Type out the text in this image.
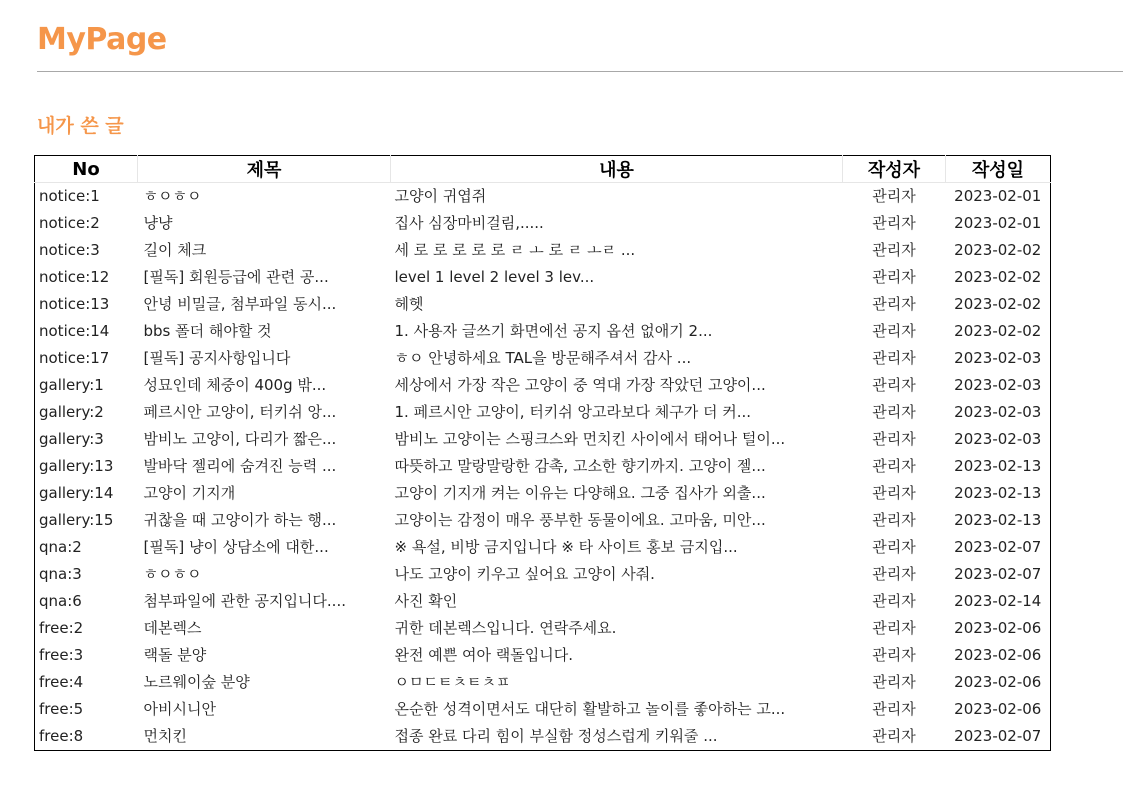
MyPage
내가 쓴 글
No	제목	내용	작성자	작성일
notice:1	ㅎㅇㅎㅇ	고양이 귀엽쥐	관리자	2023-02-01
notice:2	냥냥	집사 심장마비걸림,.....	관리자	2023-02-01
notice:3	길이 체크	세 로 로 로 로 로 ㄹ ㅗ 로 ㄹ ㅗㄹ ...	관리자	2023-02-02
notice:12	[필독] 회원등급에 관련 공...	level 1 level 2 level 3 lev...	관리자	2023-02-02
notice:13	안녕 비밀글, 첨부파일 동시...	헤헷	관리자	2023-02-02
notice:14	bbs 폴더 해야할 것	1. 사용자 글쓰기 화면에선 공지 옵션 없애기 2...	관리자	2023-02-02
notice:17	[필독] 공지사항입니다	ㅎㅇ 안녕하세요 TAL을 방문해주셔서 감사 ...	관리자	2023-02-03
gallery:1	성묘인데 체중이 400g 밖...	세상에서 가장 작은 고양이 중 역대 가장 작았던 고양이...	관리자	2023-02-03
gallery:2	페르시안 고양이, 터키쉬 앙...	1. 페르시안 고양이, 터키쉬 앙고라보다 체구가 더 커...	관리자	2023-02-03
gallery:3	밤비노 고양이, 다리가 짧은...	밤비노 고양이는 스핑크스와 먼치킨 사이에서 태어나 털이...	관리자	2023-02-03
gallery:13	발바닥 젤리에 숨겨진 능력 ...	따뜻하고 말랑말랑한 감촉, 고소한 향기까지. 고양이 젤...	관리자	2023-02-13
gallery:14	고양이 기지개	고양이 기지개 켜는 이유는 다양해요. 그중 집사가 외출...	관리자	2023-02-13
gallery:15	귀찮을 때 고양이가 하는 행...	고양이는 감정이 매우 풍부한 동물이에요. 고마움, 미안...	관리자	2023-02-13
qna:2	[필독] 냥이 상담소에 대한...	※ 욕설, 비방 금지입니다 ※ 타 사이트 홍보 금지입...	관리자	2023-02-07
qna:3	ㅎㅇㅎㅇ	나도 고양이 키우고 싶어요 고양이 사줘.	관리자	2023-02-07
qna:6	첨부파일에 관한 공지입니다....	사진 확인	관리자	2023-02-14
free:2	데본렉스	귀한 데본렉스입니다. 연락주세요.	관리자	2023-02-06
free:3	랙돌 분양	완전 예쁜 여아 랙돌입니다.	관리자	2023-02-06
free:4	노르웨이숲 분양	ㅇㅁㄷㅌㅊㅌㅊㅍ	관리자	2023-02-06
free:5	아비시니안	온순한 성격이면서도 대단히 활발하고 놀이를 좋아하는 고...	관리자	2023-02-06
free:8	먼치킨	접종 완료 다리 힘이 부실함 정성스럽게 키워줄 ...	관리자	2023-02-07
